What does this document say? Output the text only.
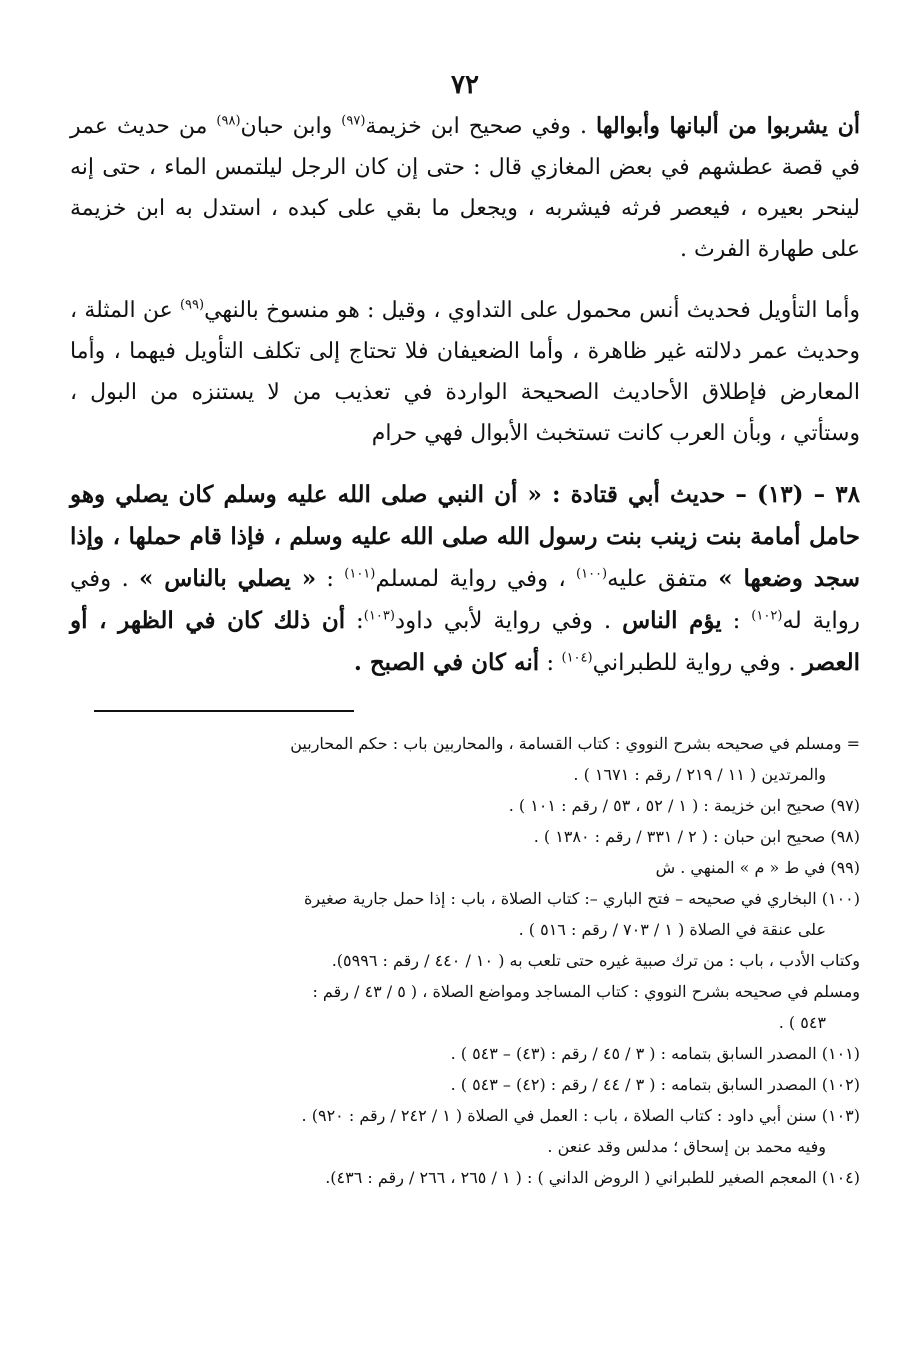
٧٢

أن يشربوا من ألبانها وأبوالها . وفي صحيح ابن خزيمة$^{(٩٧)}$ وابن حبان$^{(٩٨)}$ من حديث عمر في قصة عطشهم في بعض المغازي قال : حتى إن كان الرجل ليلتمس الماء ، حتى إنه لينحر بعيره ، فيعصر فرثه فيشربه ، ويجعل ما بقي على كبده ، استدل به ابن خزيمة على طهارة الفرث .

وأما التأويل فحديث أنس محمول على التداوي ، وقيل : هو منسوخ بالنهي$^{(٩٩)}$ عن المثلة ، وحديث عمر دلالته غير ظاهرة ، وأما الضعيفان فلا تحتاج إلى تكلف التأويل فيهما ، وأما المعارض فإطلاق الأحاديث الصحيحة الواردة في تعذيب من لا يستنزه من البول ، وستأتي ، وبأن العرب كانت تستخبث الأبوال فهي حرام

٣٨ – (١٣) – حديث أبي قتادة : « أن النبي صلى الله عليه وسلم كان يصلي وهو حامل أمامة بنت زينب بنت رسول الله صلى الله عليه وسلم ، فإذا قام حملها ، وإذا سجد وضعها » متفق عليه$^{(١٠٠)}$ ، وفي رواية لمسلم$^{(١٠١)}$ : « يصلي بالناس » . وفي رواية له$^{(١٠٢)}$ : يؤم الناس . وفي رواية لأبي داود$^{(١٠٣)}$: أن ذلك كان في الظهر ، أو العصر . وفي رواية للطبراني$^{(١٠٤)}$ : أنه كان في الصبح .

= ومسلم في صحيحه بشرح النووي : كتاب القسامة ، والمحاربين باب : حكم المحاربين

والمرتدين ( ١١ / ٢١٩ / رقم : ١٦٧١ ) .

(٩٧) صحيح ابن خزيمة : ( ١ / ٥٢ ، ٥٣ / رقم : ١٠١ ) .

(٩٨) صحيح ابن حبان : ( ٢ / ٣٣١ / رقم : ١٣٨٠ ) .

(٩٩) في ط « م » المنهي . ش

(١٠٠) البخاري في صحيحه – فتح الباري –: كتاب الصلاة ، باب : إذا حمل جارية صغيرة

على عنقة في الصلاة ( ١ / ٧٠٣ / رقم : ٥١٦ ) .

وكتاب الأدب ، باب : من ترك صبية غيره حتى تلعب به ( ١٠ / ٤٤٠ / رقم : ٥٩٩٦).

ومسلم في صحيحه بشرح النووي : كتاب المساجد ومواضع الصلاة ، ( ٥ / ٤٣ / رقم :

٥٤٣ ) .

(١٠١) المصدر السابق بتمامه : ( ٣ / ٤٥ / رقم : (٤٣) – ٥٤٣ ) .

(١٠٢) المصدر السابق بتمامه : ( ٣ / ٤٤ / رقم : (٤٢) – ٥٤٣ ) .

(١٠٣) سنن أبي داود : كتاب الصلاة ، باب : العمل في الصلاة ( ١ / ٢٤٢ / رقم : ٩٢٠) .

وفيه محمد بن إسحاق ؛ مدلس وقد عنعن .

(١٠٤) المعجم الصغير للطبراني ( الروض الداني ) : ( ١ / ٢٦٥ ، ٢٦٦ / رقم : ٤٣٦).
